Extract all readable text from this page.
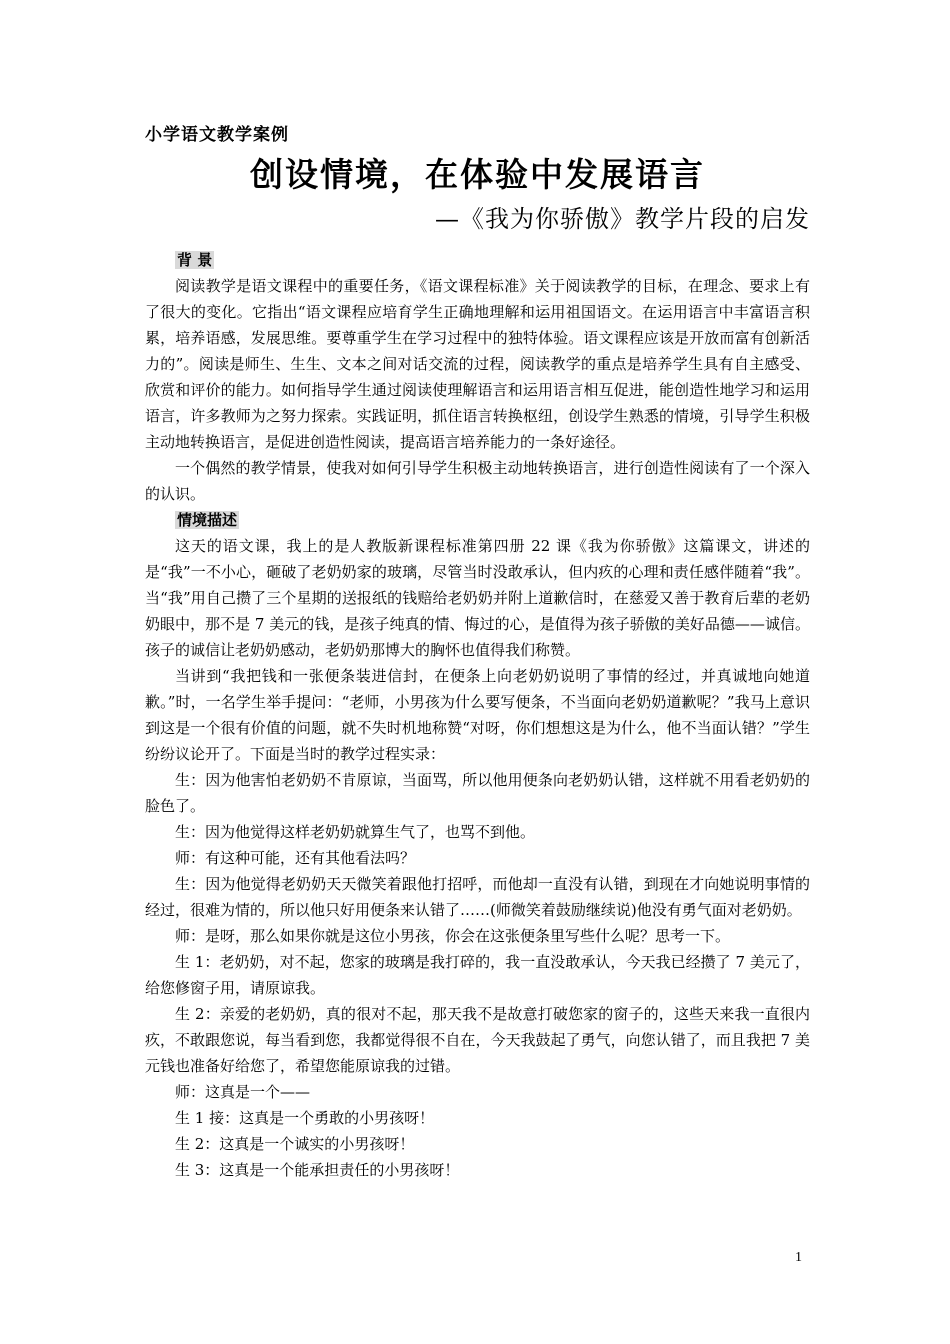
小学语文教学案例
创设情境，在体验中发展语言
—《我为你骄傲》教学片段的启发
背 景

阅读教学是语文课程中的重要任务，《语文课程标准》关于阅读教学的目标，在理念、要求上有了很大的变化。它指出“语文课程应培育学生正确地理解和运用祖国语文。在运用语言中丰富语言积累，培养语感，发展思维。要尊重学生在学习过程中的独特体验。语文课程应该是开放而富有创新活力的”。阅读是师生、生生、文本之间对话交流的过程，阅读教学的重点是培养学生具有自主感受、欣赏和评价的能力。如何指导学生通过阅读使理解语言和运用语言相互促进，能创造性地学习和运用语言，许多教师为之努力探索。实践证明，抓住语言转换枢纽，创设学生熟悉的情境，引导学生积极主动地转换语言，是促进创造性阅读，提高语言培养能力的一条好途径。

一个偶然的教学情景，使我对如何引导学生积极主动地转换语言，进行创造性阅读有了一个深入的认识。

情境描述

这天的语文课，我上的是人教版新课程标准第四册 22 课《我为你骄傲》这篇课文，讲述的是“我”一不小心，砸破了老奶奶家的玻璃，尽管当时没敢承认，但内疚的心理和责任感伴随着“我”。当“我”用自己攒了三个星期的送报纸的钱赔给老奶奶并附上道歉信时，在慈爱又善于教育后辈的老奶奶眼中，那不是 7 美元的钱，是孩子纯真的情、悔过的心，是值得为孩子骄傲的美好品德——诚信。孩子的诚信让老奶奶感动，老奶奶那博大的胸怀也值得我们称赞。

当讲到“我把钱和一张便条装进信封，在便条上向老奶奶说明了事情的经过，并真诚地向她道歉。”时，一名学生举手提问：“老师，小男孩为什么要写便条，不当面向老奶奶道歉呢？”我马上意识到这是一个很有价值的问题，就不失时机地称赞“对呀，你们想想这是为什么，他不当面认错？”学生纷纷议论开了。下面是当时的教学过程实录：

生：因为他害怕老奶奶不肯原谅，当面骂，所以他用便条向老奶奶认错，这样就不用看老奶奶的脸色了。

生：因为他觉得这样老奶奶就算生气了，也骂不到他。

师：有这种可能，还有其他看法吗？

生：因为他觉得老奶奶天天微笑着跟他打招呼，而他却一直没有认错，到现在才向她说明事情的经过，很难为情的，所以他只好用便条来认错了……(师微笑着鼓励继续说)他没有勇气面对老奶奶。

师：是呀，那么如果你就是这位小男孩，你会在这张便条里写些什么呢？思考一下。

生 1：老奶奶，对不起，您家的玻璃是我打碎的，我一直没敢承认，今天我已经攒了 7 美元了，给您修窗子用，请原谅我。

生 2：亲爱的老奶奶，真的很对不起，那天我不是故意打破您家的窗子的，这些天来我一直很内疚，不敢跟您说，每当看到您，我都觉得很不自在，今天我鼓起了勇气，向您认错了，而且我把 7 美元钱也准备好给您了，希望您能原谅我的过错。

师：这真是一个——

生 1 接：这真是一个勇敢的小男孩呀！

生 2：这真是一个诚实的小男孩呀！

生 3：这真是一个能承担责任的小男孩呀！

1
